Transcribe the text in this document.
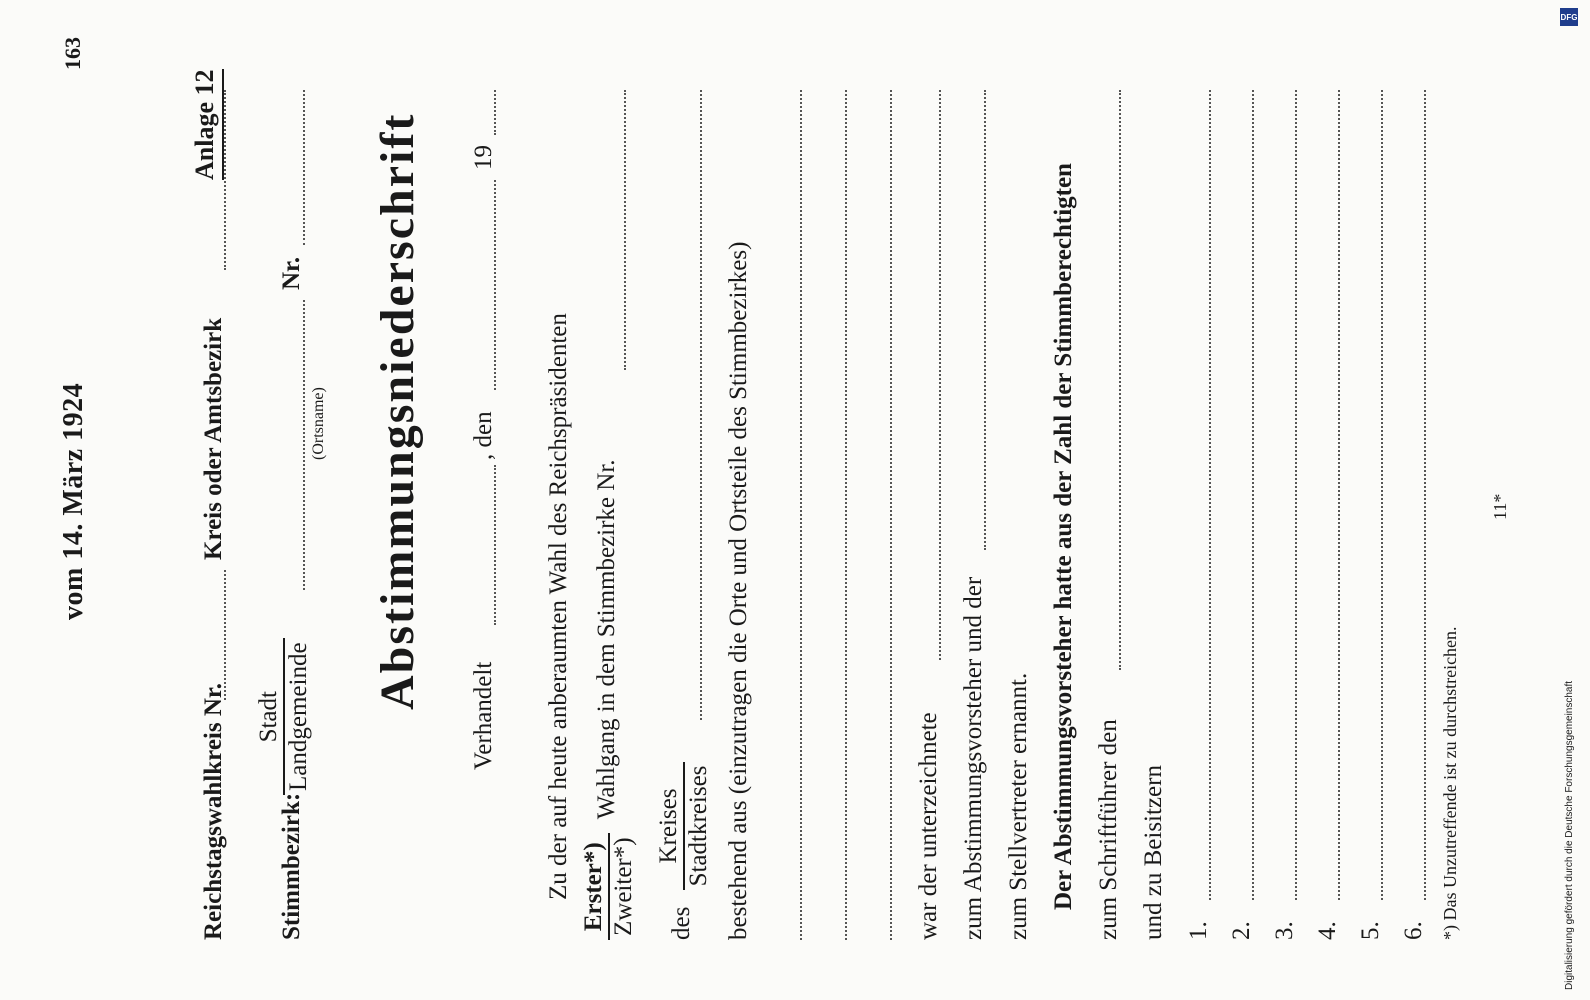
vom 14. März 1924
163
Anlage 12
Reichstagswahlkreis Nr.
Kreis oder Amtsbezirk
Stimmbezirk:
Stadt Landgemeinde
(Ortsname)
Nr. Abstimmungsniederschrift
Verhandelt
, den
19
Zu der auf heute anberaumten Wahl des Reichspräsidenten Erster*) Zweiter*)
Wahlgang in dem Stimmbezirke Nr.
des
Kreises Stadtkreises bestehend aus (einzutragen die Orte und Ortsteile des Stimmbezirkes)	war der unterzeichnete zum Abstimmungsvorsteher und der zum Stellvertreter ernannt. Der Abstimmungsvorsteher hatte aus der Zahl der Stimmberechtigten zum Schriftführer den und zu Beisitzern 1. 2. 3. 4. 5. 6. *) Das Unzutreffende ist zu durchstreichen.
11*
DFG
Digitalisierung gefördert durch die Deutsche Forschungsgemeinschaft
